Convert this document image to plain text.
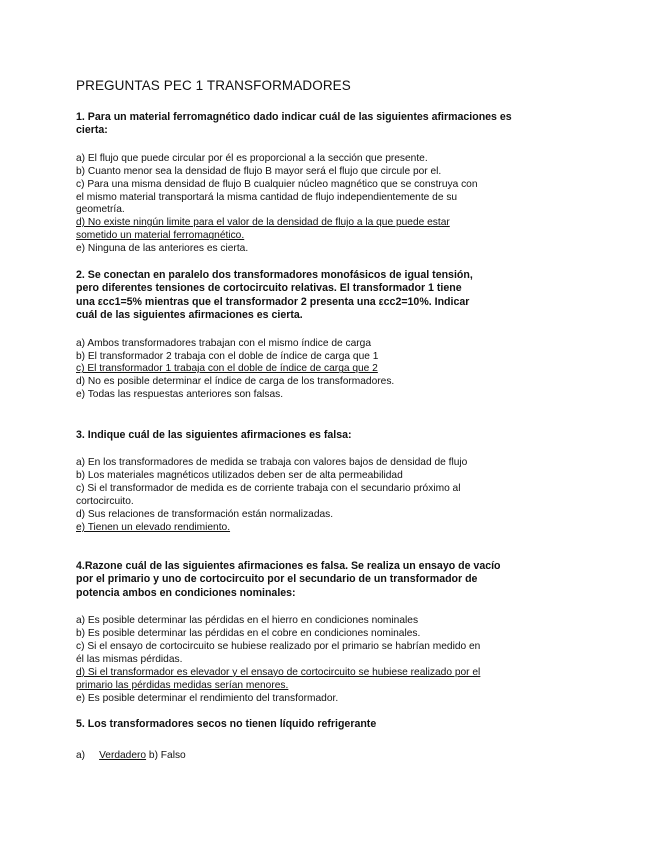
PREGUNTAS PEC 1 TRANSFORMADORES

1. Para un material ferromagnético dado indicar cuál de las siguientes afirmaciones es

cierta:

a) El flujo que puede circular por él es proporcional a la sección que presente.

b) Cuanto menor sea la densidad de flujo B mayor será el flujo que circule por el.

c) Para una misma densidad de flujo B cualquier núcleo magnético que se construya con

el mismo material transportará la misma cantidad de flujo independientemente de su

geometría.

d) No existe ningún limite para el valor de la densidad de flujo a la que puede estar

sometido un material ferromagnético.

e) Ninguna de las anteriores es cierta.

2. Se conectan en paralelo dos transformadores monofásicos de igual tensión,

pero diferentes tensiones de cortocircuito relativas. El transformador 1 tiene

una εcc1=5% mientras que el transformador 2 presenta una εcc2=10%. Indicar

cuál de las siguientes afirmaciones es cierta.

a) Ambos transformadores trabajan con el mismo índice de carga

b) El transformador 2 trabaja con el doble de índice de carga que 1

c) El transformador 1 trabaja con el doble de índice de carga que 2

d) No es posible determinar el índice de carga de los transformadores.

e) Todas las respuestas anteriores son falsas.

3. Indique cuál de las siguientes afirmaciones es falsa:

a) En los transformadores de medida se trabaja con valores bajos de densidad de flujo

b) Los materiales magnéticos utilizados deben ser de alta permeabilidad

c) Si el transformador de medida es de corriente trabaja con el secundario próximo al

cortocircuito.

d) Sus relaciones de transformación están normalizadas.

e) Tienen un elevado rendimiento.

4.Razone cuál de las siguientes afirmaciones es falsa. Se realiza un ensayo de vacío

por el primario y uno de cortocircuito por el secundario de un transformador de

potencia ambos en condiciones nominales:

a) Es posible determinar las pérdidas en el hierro en condiciones nominales

b) Es posible determinar las pérdidas en el cobre en condiciones nominales.

c) Si el ensayo de cortocircuito se hubiese realizado por el primario se habrían medido en

él las mismas pérdidas.

d) Si el transformador es elevador y el ensayo de cortocircuito se hubiese realizado por el

primario las pérdidas medidas serían menores.

e) Es posible determinar el rendimiento del transformador.

5. Los transformadores secos no tienen líquido refrigerante

a) Verdadero b) Falso
